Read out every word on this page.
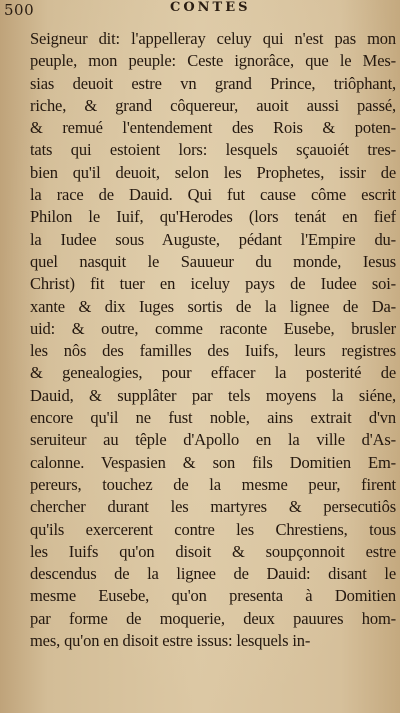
500	CONTES
Seigneur dit: l'appelleray celuy qui n'est pas mon
peuple, mon peuple: Ceste ignorâce, que le Mes-
sias deuoit estre vn grand Prince, triôphant,
riche, & grand côquereur, auoit aussi passé,
& remué l'entendement des Rois & poten-
tats qui estoient lors: lesquels sçauoiét tres-
bien qu'il deuoit, selon les Prophetes, issir de
la race de Dauid. Qui fut cause côme escrit
Philon le Iuif, qu'Herodes (lors tenát en fief
la Iudee sous Auguste, pédant l'Empire du-
quel nasquit le Sauueur du monde, Iesus
Christ) fit tuer en iceluy pays de Iudee soi-
xante & dix Iuges sortis de la lignee de Da-
uid: & outre, comme raconte Eusebe, brusler
les nôs des familles des Iuifs, leurs registres
& genealogies, pour effacer la posterité de
Dauid, & supplâter par tels moyens la siéne,
encore qu'il ne fust noble, ains extrait d'vn
seruiteur au têple d'Apollo en la ville d'As-
calonne. Vespasien & son fils Domitien Em-
pereurs, touchez de la mesme peur, firent
chercher durant les martyres & persecutiôs
qu'ils exercerent contre les Chrestiens, tous
les Iuifs qu'on disoit & soupçonnoit estre
descendus de la lignee de Dauid: disant le
mesme Eusebe, qu'on presenta à Domitien
par forme de moquerie, deux pauures hom-
mes, qu'on en disoit estre issus: lesquels in-
